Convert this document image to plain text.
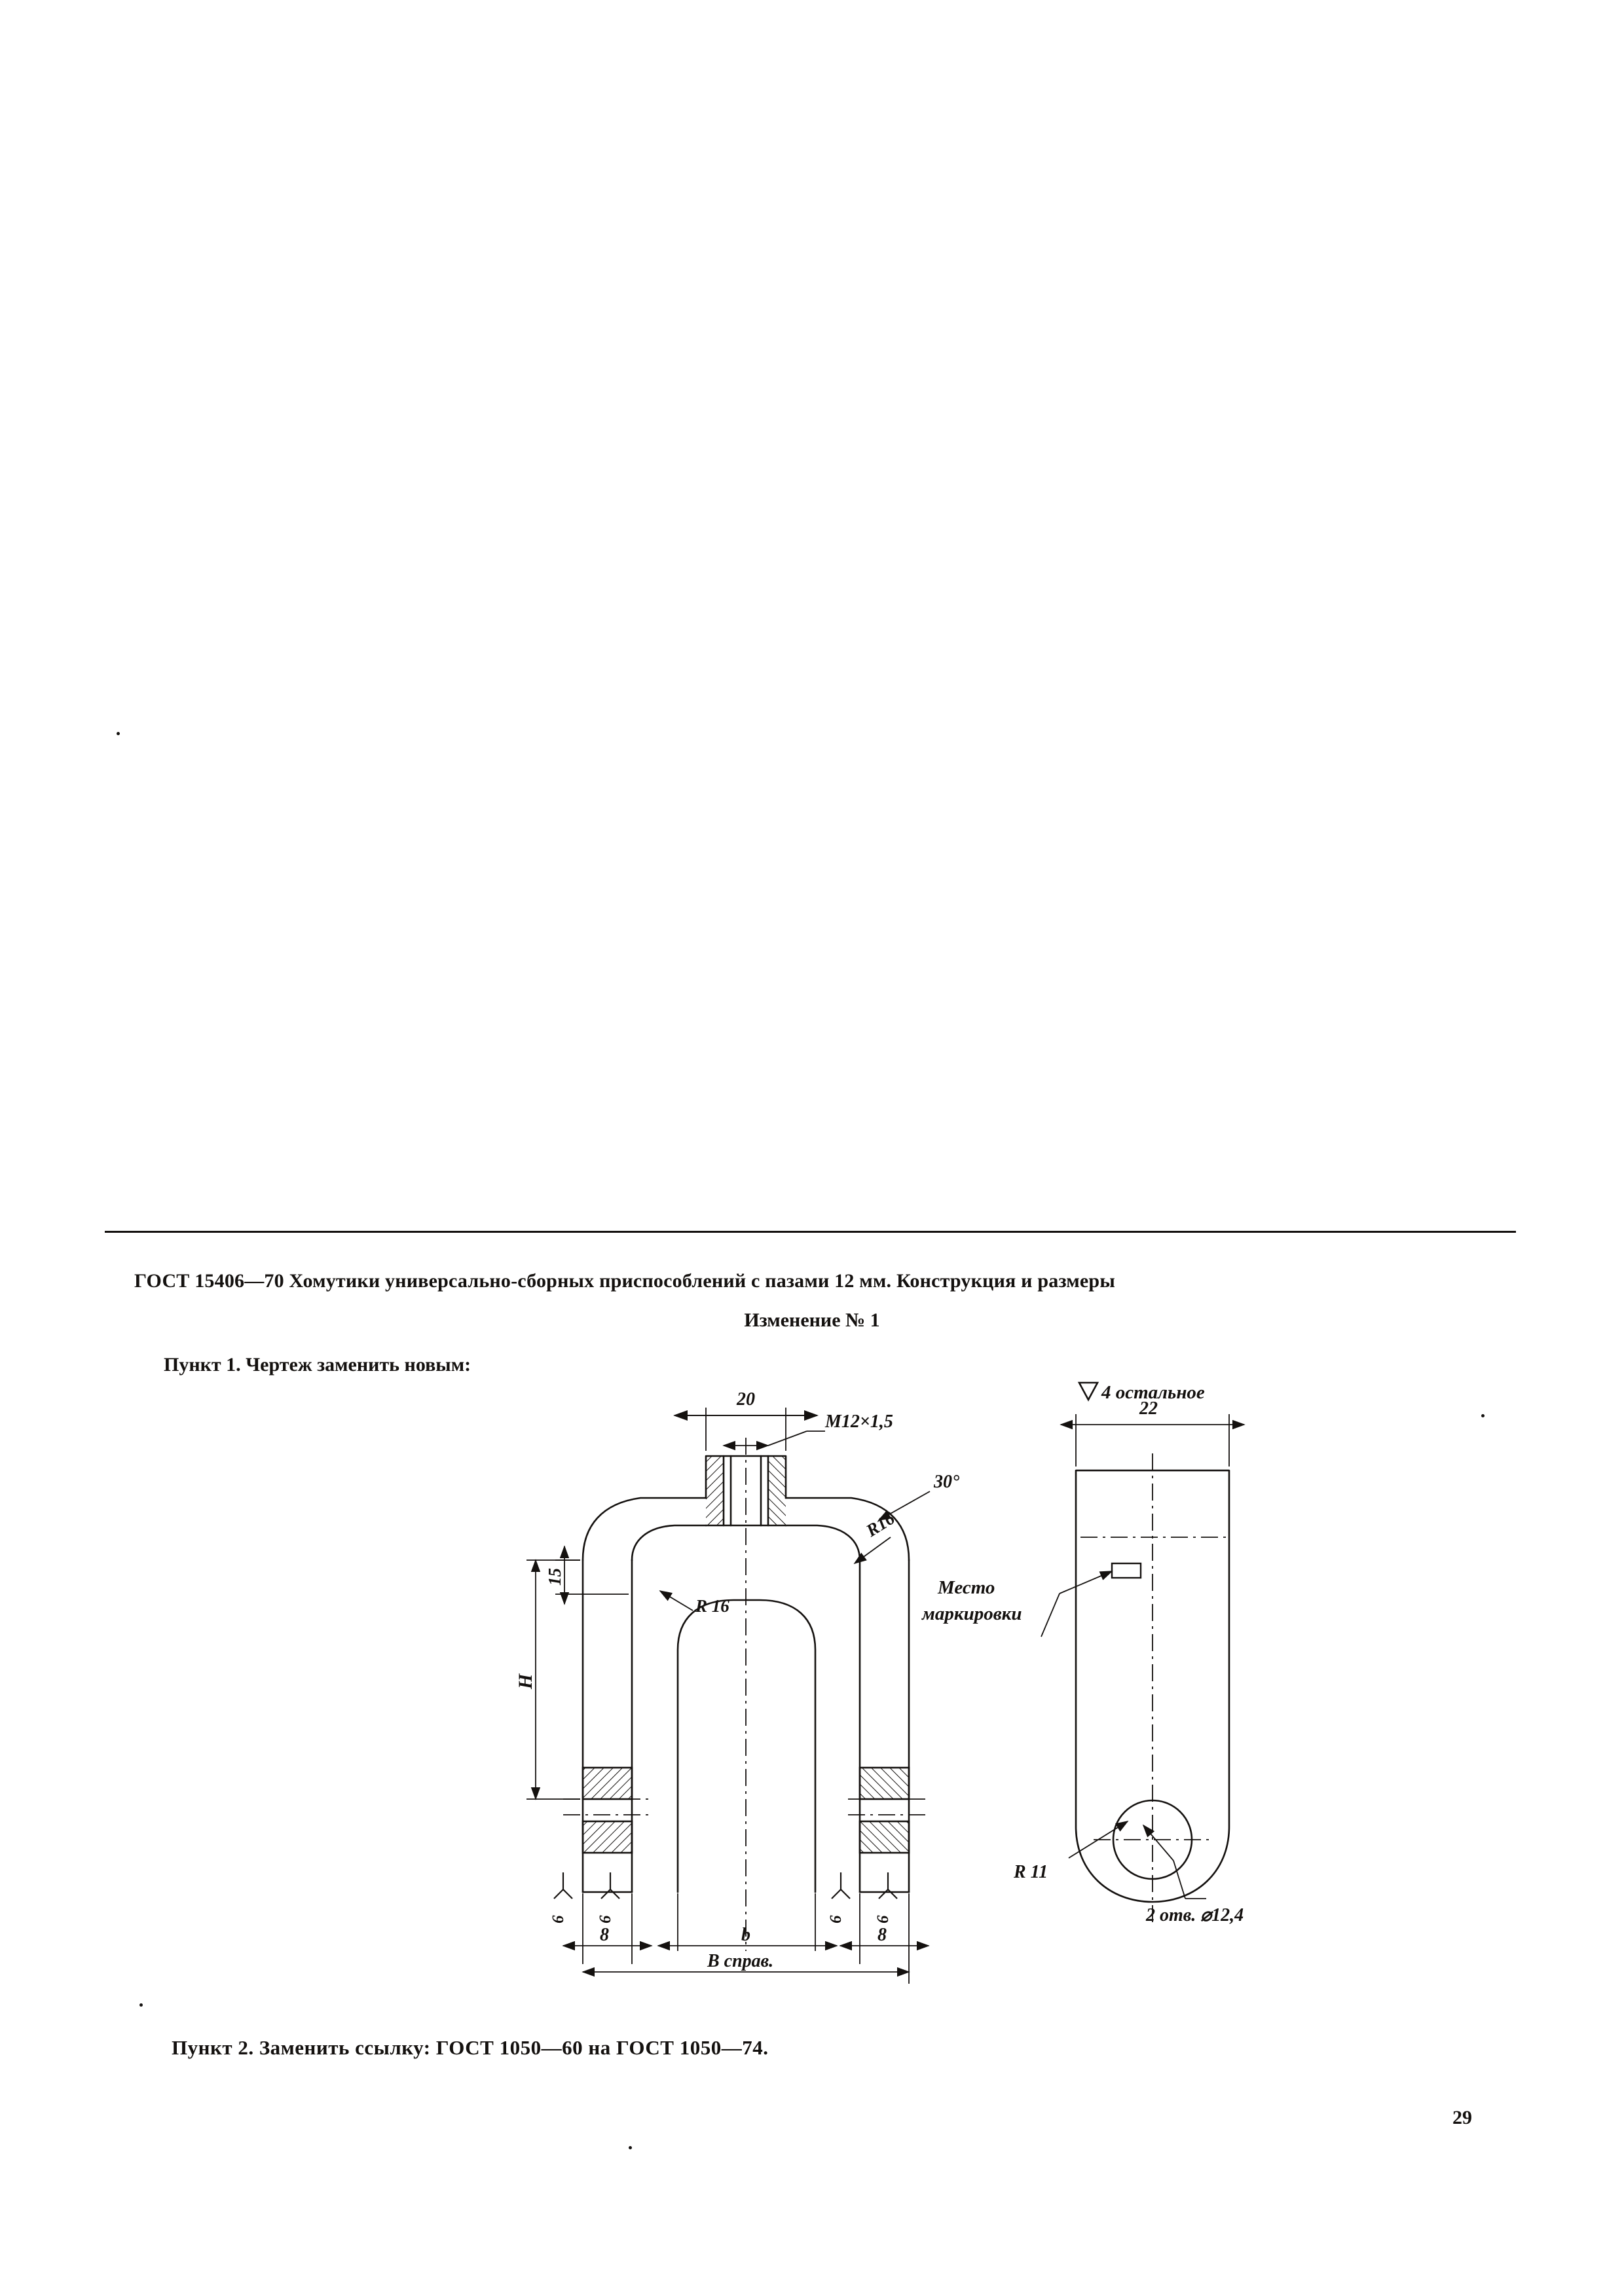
ГОСТ 15406—70 Хомутики универсально-сборных приспособлений с пазами 12 мм. Конструкция и размеры
Изменение № 1
Пункт 1. Чертеж заменить новым:
20
M12×1,5
30°
R16
R 16
15
H
6 6	6 6
8	b	8
В справ.
22
R 11
2 отв. ⌀12,4
Место
маркировки
4 остальное
Пункт 2. Заменить ссылку: ГОСТ 1050—60 на ГОСТ 1050—74.
29
